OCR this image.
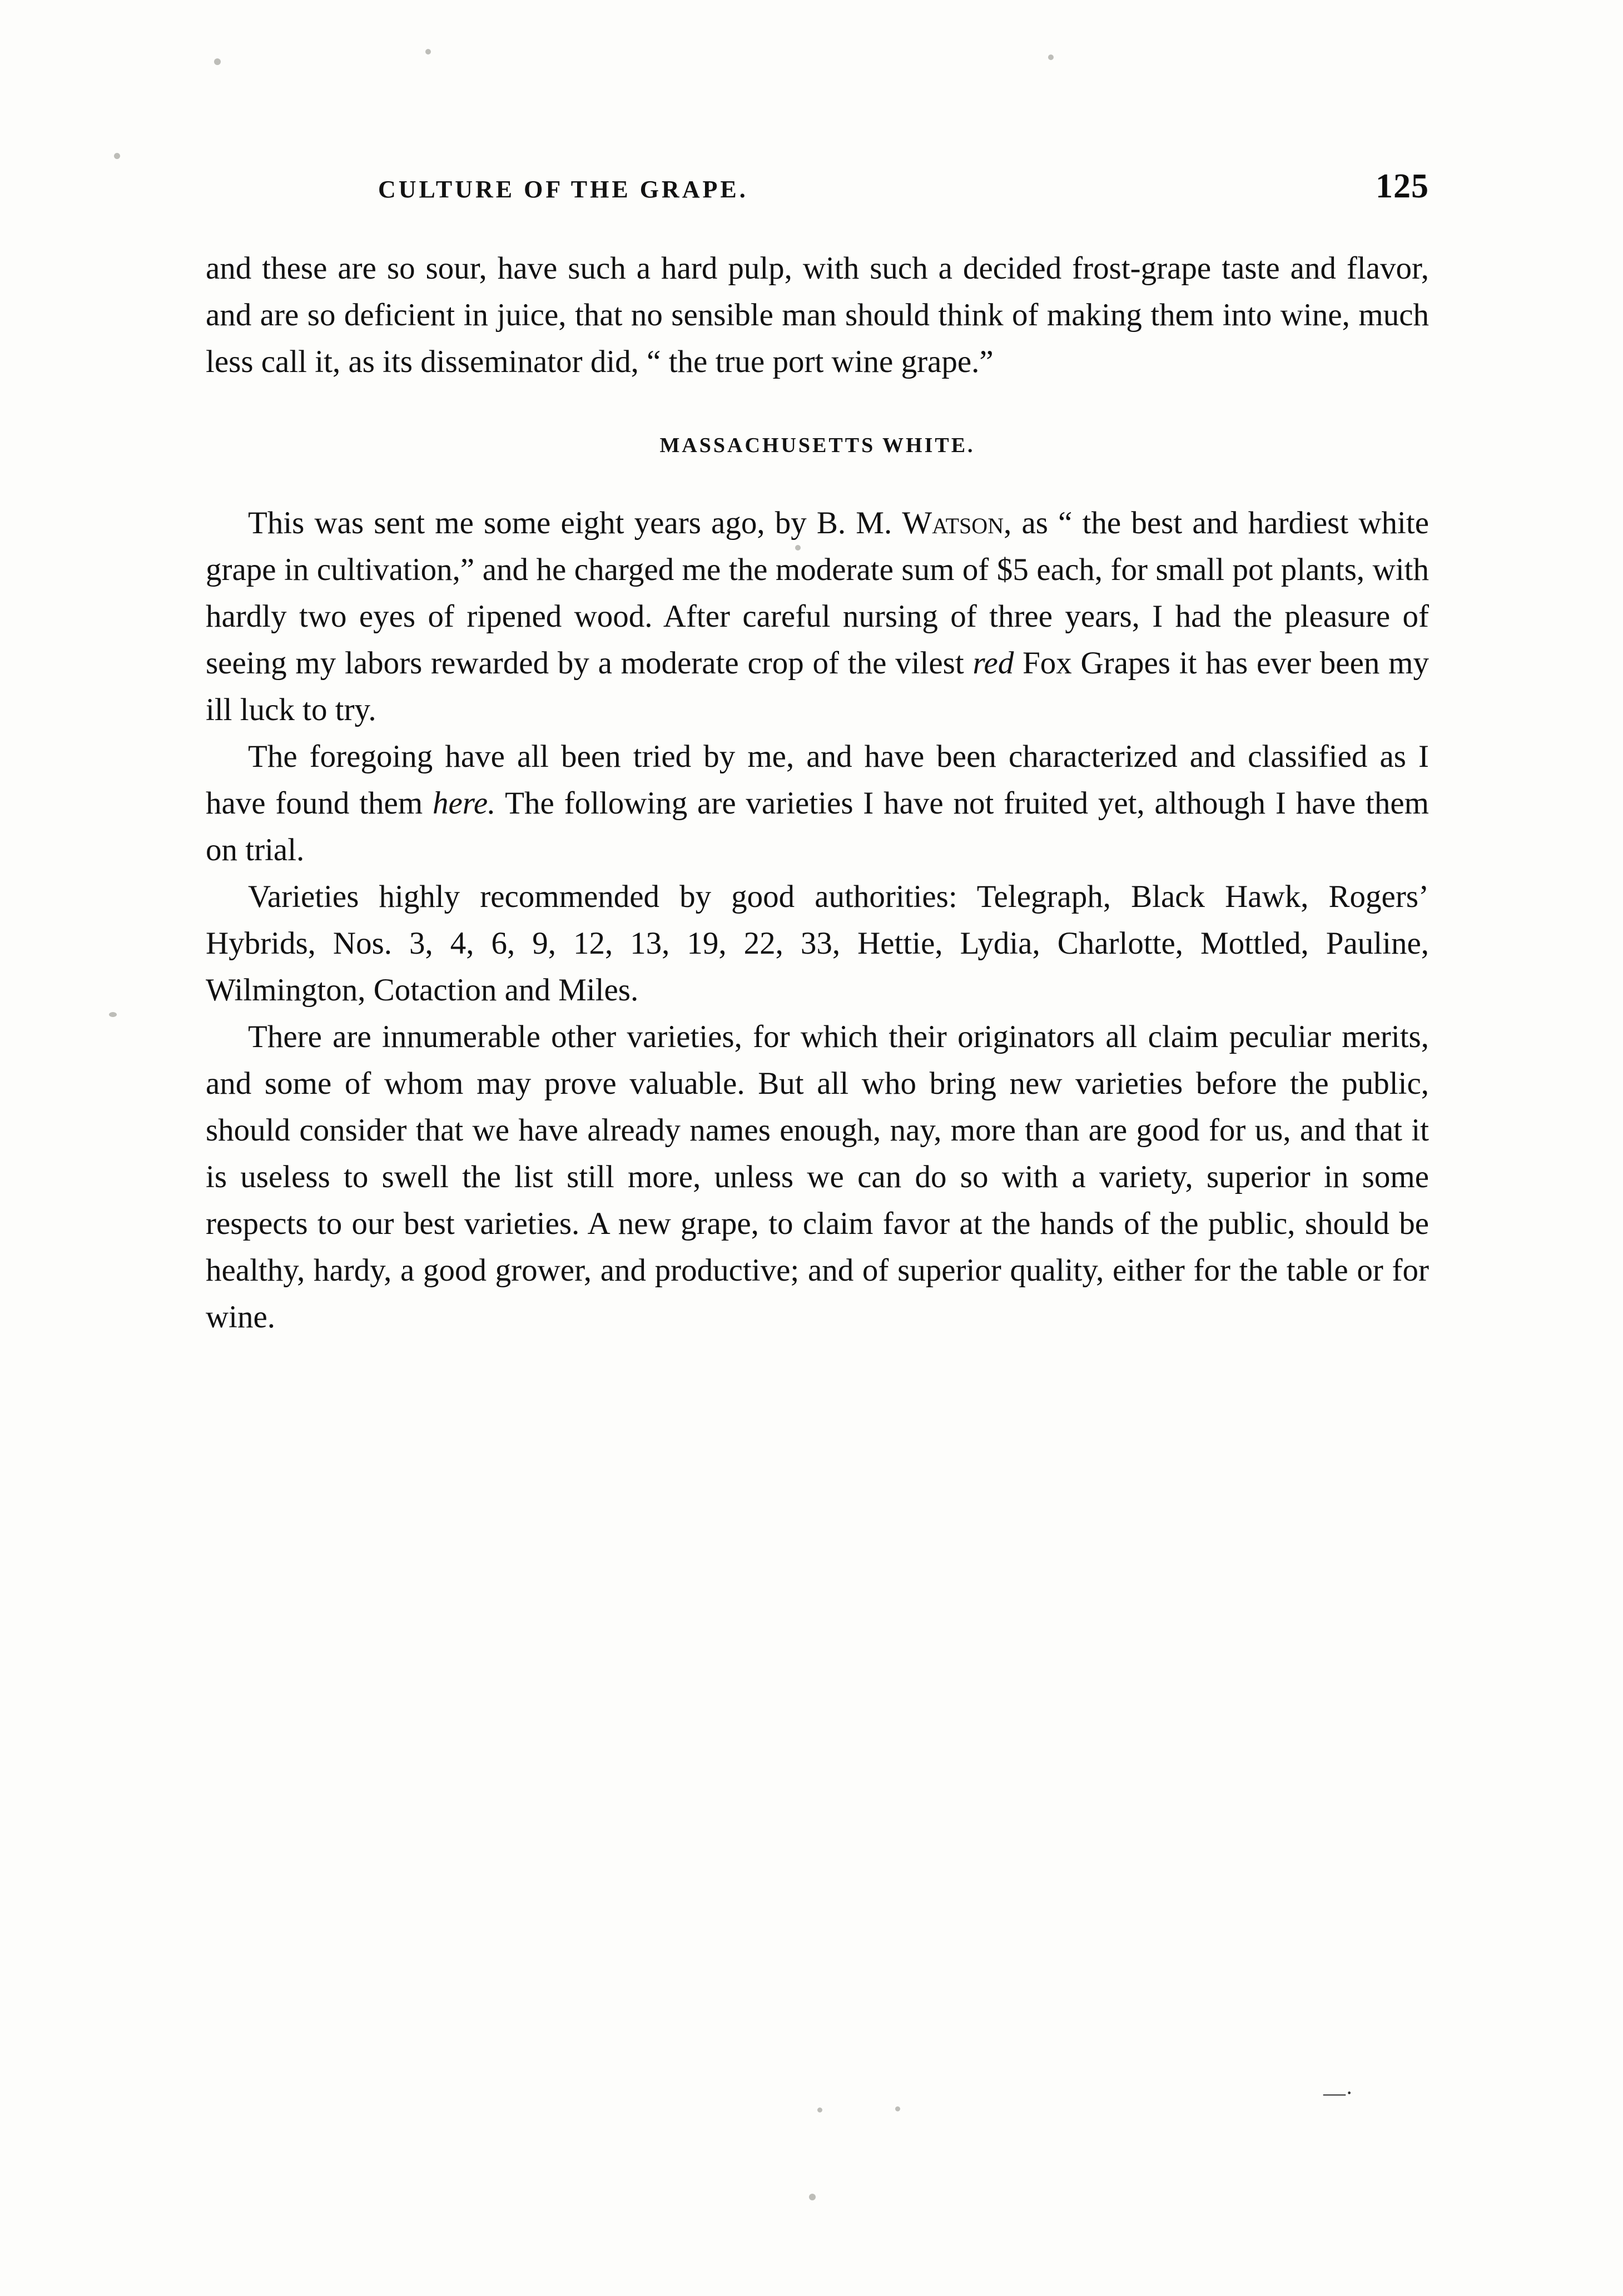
CULTURE OF THE GRAPE.	125

and these are so sour, have such a hard pulp, with such a decided frost-grape taste and flavor, and are so deficient in juice, that no sensible man should think of making them into wine, much less call it, as its disseminator did, “ the true port wine grape.”

MASSACHUSETTS WHITE.

This was sent me some eight years ago, by B. M. Watson, as “ the best and hardiest white grape in cultivation,” and he charged me the moderate sum of $5 each, for small pot plants, with hardly two eyes of ripened wood. After careful nursing of three years, I had the pleasure of seeing my labors rewarded by a moderate crop of the vilest red Fox Grapes it has ever been my ill luck to try.

The foregoing have all been tried by me, and have been characterized and classified as I have found them here. The following are varieties I have not fruited yet, although I have them on trial.

Varieties highly recommended by good authorities: Telegraph, Black Hawk, Rogers’ Hybrids, Nos. 3, 4, 6, 9, 12, 13, 19, 22, 33, Hettie, Lydia, Charlotte, Mottled, Pauline, Wilmington, Cotaction and Miles.

There are innumerable other varieties, for which their originators all claim peculiar merits, and some of whom may prove valuable. But all who bring new varieties before the public, should consider that we have already names enough, nay, more than are good for us, and that it is useless to swell the list still more, unless we can do so with a variety, superior in some respects to our best varieties. A new grape, to claim favor at the hands of the public, should be healthy, hardy, a good grower, and productive; and of superior quality, either for the table or for wine.

—·
